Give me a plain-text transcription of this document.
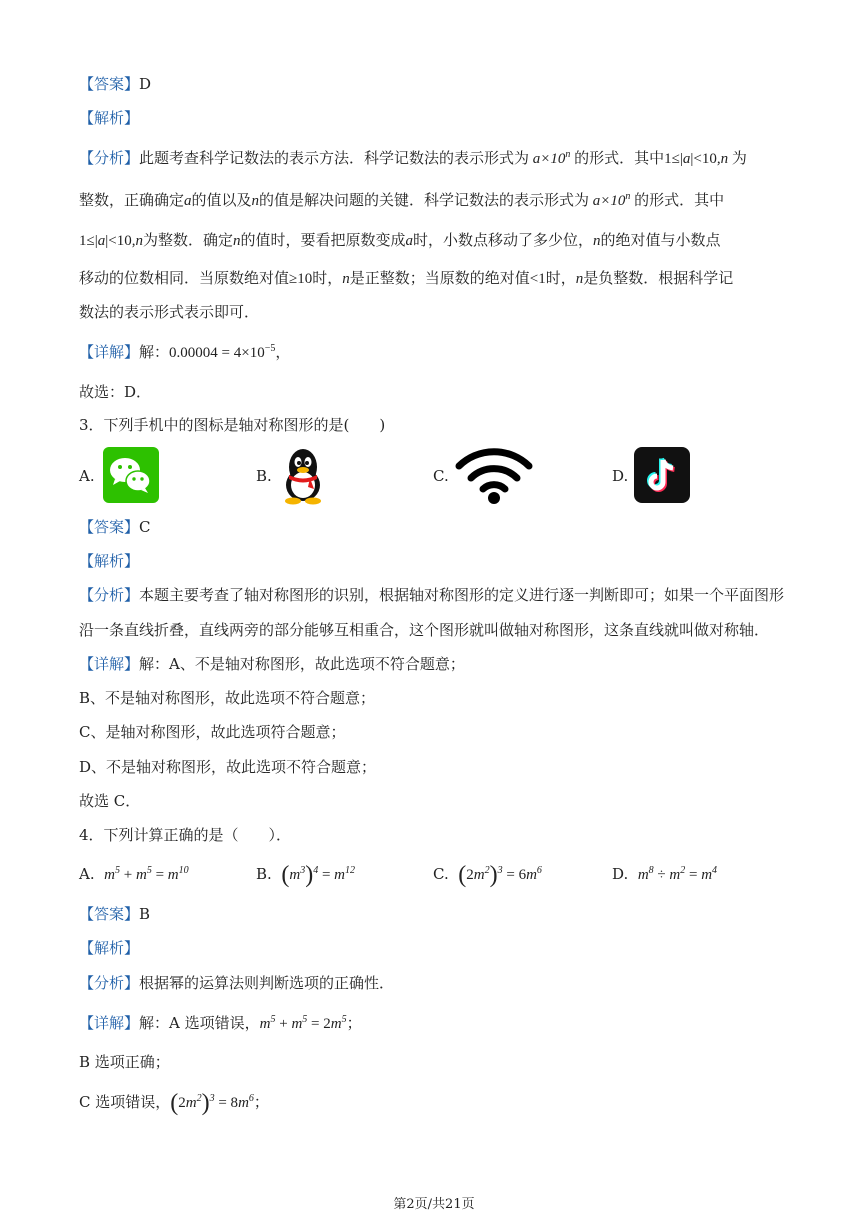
【答案】D
【解析】
【分析】此题考查科学记数法的表示方法．科学记数法的表示形式为 $a\times 10^n$ 的形式．其中1≤|a|<10,n 为
整数，正确确定a的值以及n的值是解决问题的关键．科学记数法的表示形式为 $a\times 10^n$ 的形式．其中
1≤|a|<10,n为整数．确定n的值时，要看把原数变成a时，小数点移动了多少位，n的绝对值与小数点
移动的位数相同．当原数绝对值≥10时，n是正整数；当原数的绝对值<1时，n是负整数．根据科学记
数法的表示形式表示即可．
【详解】解：$0.00004 = 4\times 10^{-5}$，
故选：D．
3．下列手机中的图标是轴对称图形的是(　　)
A.	B.	C.	D.
【答案】C
【解析】
【分析】本题主要考查了轴对称图形的识别，根据轴对称图形的定义进行逐一判断即可；如果一个平面图形
沿一条直线折叠，直线两旁的部分能够互相重合，这个图形就叫做轴对称图形，这条直线就叫做对称轴．
【详解】解：A、不是轴对称图形，故此选项不符合题意；
B、不是轴对称图形，故此选项不符合题意；
C、是轴对称图形，故此选项符合题意；
D、不是轴对称图形，故此选项不符合题意；
故选 C．
4．下列计算正确的是（　　）．
A. $m^5 + m^5 = m^{10}$	B. $(m^3)^4 = m^{12}$	C. $(2m^2)^3 = 6m^6$	D. $m^8 \div m^2 = m^4$
【答案】B
【解析】
【分析】根据幂的运算法则判断选项的正确性．
【详解】解：A 选项错误，$m^5 + m^5 = 2m^5$；
B 选项正确；
C 选项错误，$(2m^2)^3 = 8m^6$；
第2页/共21页
